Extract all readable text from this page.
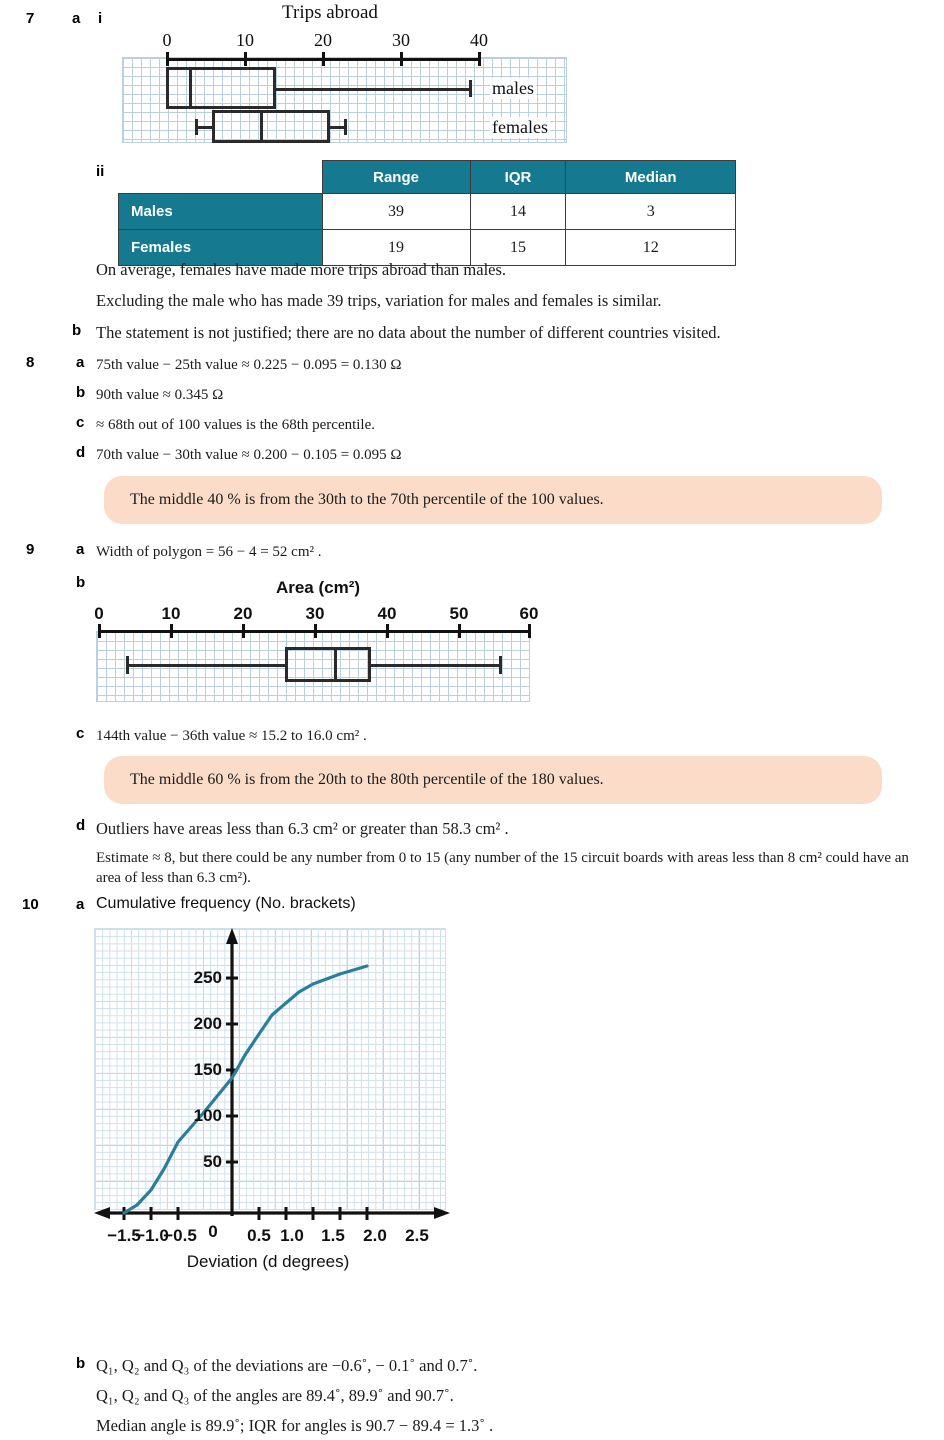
7	a i	Trips abroad
0	10	20	30	40
males
females
ii
		Range	IQR	Median
Males	39	14	3
Females	19	15	12
On average, females have made more trips abroad than males.
Excluding the male who has made 39 trips, variation for males and females is similar.
b The statement is not justified; there are no data about the number of different countries visited.
8	a 75th value − 25th value ≈ 0.225 − 0.095 = 0.130 Ω
b 90th value ≈ 0.345 Ω
c ≈ 68th out of 100 values is the 68th percentile.
d 70th value − 30th value ≈ 0.200 − 0.105 = 0.095 Ω
The middle 40 % is from the 30th to the 70th percentile of the 100 values.
9	a Width of polygon = 56 − 4 = 52 cm² .
b	Area (cm²)
0	10	20	30	40	50	60
c 144th value − 36th value ≈ 15.2 to 16.0 cm² .
The middle 60 % is from the 20th to the 80th percentile of the 180 values.
d Outliers have areas less than 6.3 cm² or greater than 58.3 cm² .
Estimate ≈ 8, but there could be any number from 0 to 15 (any number of the 15 circuit boards with areas less than 8 cm² could have an area of less than 6.3 cm²).
10 a Cumulative frequency (No. brackets)
250
200
150
100
50
−1.5
−1.0
−0.5 0 0.5 1.0 1.5 2.0 2.5
Deviation (d degrees)
b Q₁, Q₂ and Q₃ of the deviations are −0.6˚, − 0.1˚ and 0.7˚.
Q₁, Q₂ and Q₃ of the angles are 89.4˚, 89.9˚ and 90.7˚.
Median angle is 89.9˚; IQR for angles is 90.7 − 89.4 = 1.3˚ .
